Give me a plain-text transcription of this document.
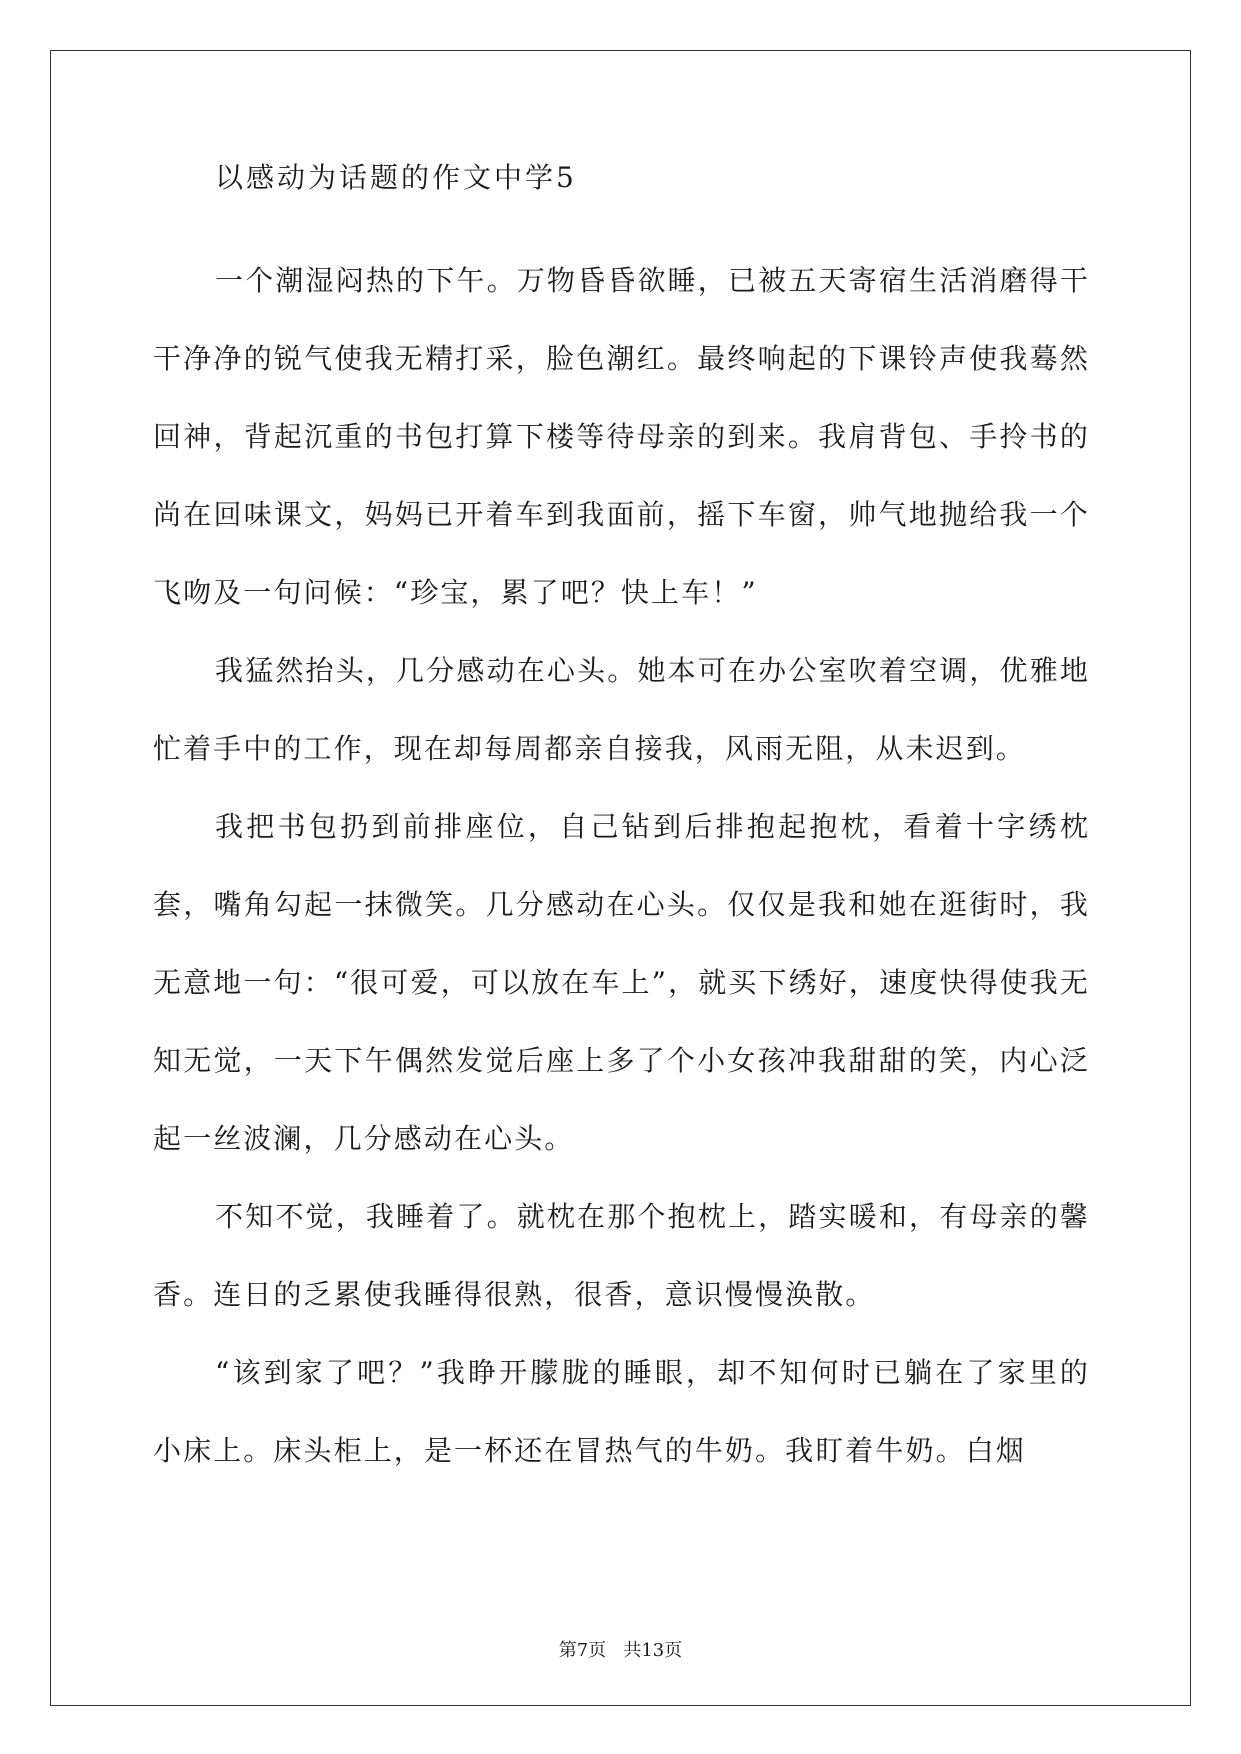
以感动为话题的作文中学5

一个潮湿闷热的下午。万物昏昏欲睡，已被五天寄宿生活消磨得干干净净的锐气使我无精打采，脸色潮红。最终响起的下课铃声使我蓦然回神，背起沉重的书包打算下楼等待母亲的到来。我肩背包、手拎书的尚在回味课文，妈妈已开着车到我面前，摇下车窗，帅气地抛给我一个飞吻及一句问候：“珍宝，累了吧？快上车！”

我猛然抬头，几分感动在心头。她本可在办公室吹着空调，优雅地忙着手中的工作，现在却每周都亲自接我，风雨无阻，从未迟到。

我把书包扔到前排座位，自己钻到后排抱起抱枕，看着十字绣枕套，嘴角勾起一抹微笑。几分感动在心头。仅仅是我和她在逛街时，我无意地一句：“很可爱，可以放在车上”，就买下绣好，速度快得使我无知无觉，一天下午偶然发觉后座上多了个小女孩冲我甜甜的笑，内心泛起一丝波澜，几分感动在心头。

不知不觉，我睡着了。就枕在那个抱枕上，踏实暖和，有母亲的馨香。连日的乏累使我睡得很熟，很香，意识慢慢涣散。

“该到家了吧？”我睁开朦胧的睡眼，却不知何时已躺在了家里的小床上。床头柜上，是一杯还在冒热气的牛奶。我盯着牛奶。白烟

第7页   共13页
